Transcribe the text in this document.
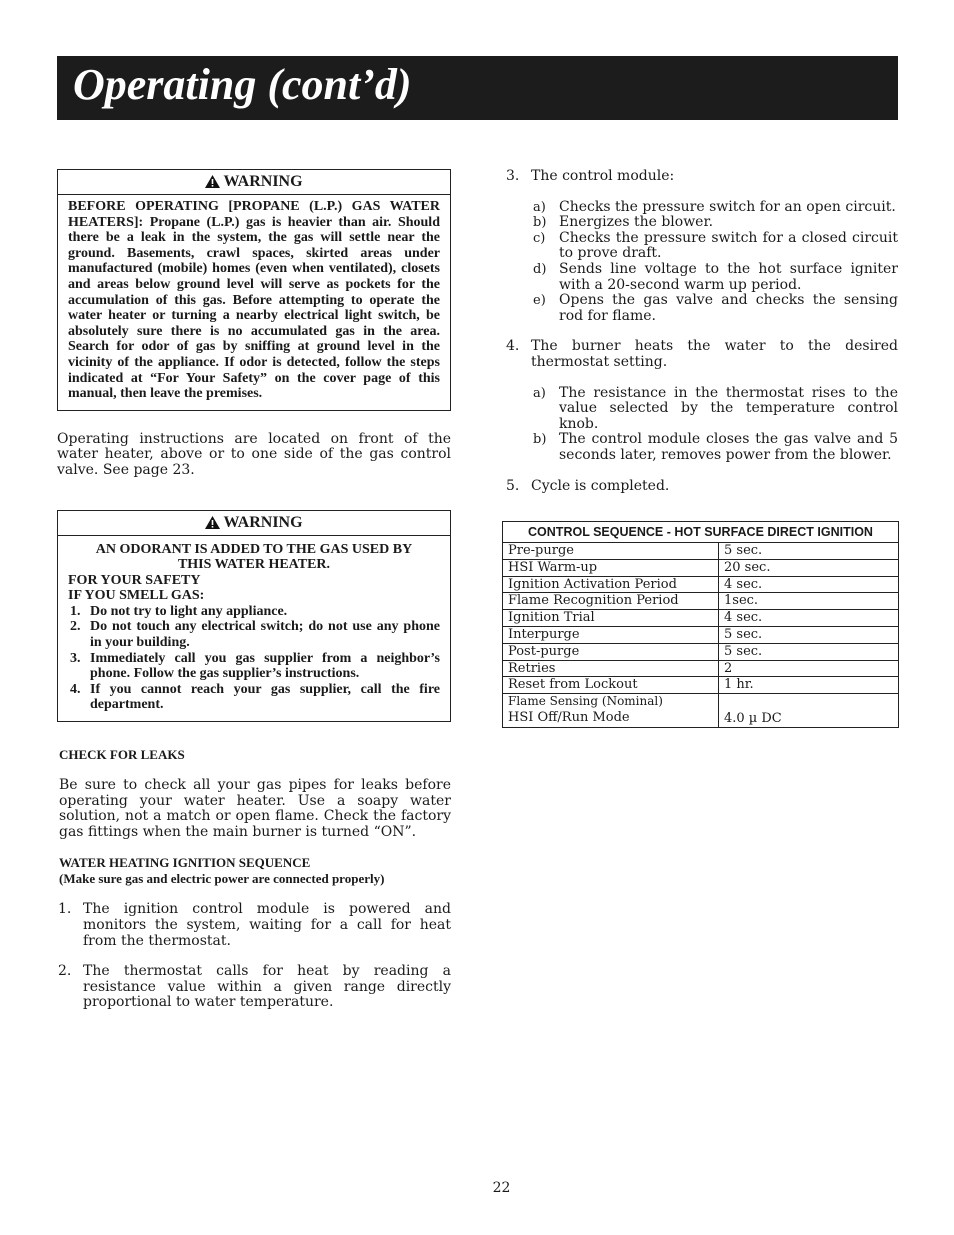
Operating (cont’d)
WARNING
BEFORE OPERATING [PROPANE (L.P.) GAS WATER HEATERS]: Propane (L.P.) gas is heavier than air. Should there be a leak in the system, the gas will settle near the ground. Basements, crawl spaces, skirted areas under manufactured (mobile) homes (even when ventilated), closets and areas below ground level will serve as pockets for the accumulation of this gas. Before attempting to operate the water heater or turning a nearby electrical light switch, be absolutely sure there is no accumulated gas in the area. Search for odor of gas by sniffing at ground level in the vicinity of the appliance. If odor is detected, follow the steps indicated at “For Your Safety” on the cover page of this manual, then leave the premises.

Operating instructions are located on front of the water heater, above or to one side of the gas control valve. See page 23.

WARNING
AN ODORANT IS ADDED TO THE GAS USED BY THIS WATER HEATER.
FOR YOUR SAFETY
IF YOU SMELL GAS:
1. Do not try to light any appliance.
2. Do not touch any electrical switch; do not use any phone in your building.
3. Immediately call you gas supplier from a neighbor’s phone. Follow the gas supplier’s instructions.
4. If you cannot reach your gas supplier, call the fire department.

CHECK FOR LEAKS

Be sure to check all your gas pipes for leaks before operating your water heater. Use a soapy water solution, not a match or open flame. Check the factory gas fittings when the main burner is turned “ON”.

WATER HEATING IGNITION SEQUENCE

(Make sure gas and electric power are connected properly)

1. The ignition control module is powered and monitors the system, waiting for a call for heat from the thermostat.
2. The thermostat calls for heat by reading a resistance value within a given range directly proportional to water temperature.
3. The control module:
a) Checks the pressure switch for an open circuit.
b) Energizes the blower.
c) Checks the pressure switch for a closed circuit to prove draft.
d) Sends line voltage to the hot surface igniter with a 20-second warm up period.
e) Opens the gas valve and checks the sensing rod for flame.
4. The burner heats the water to the desired thermostat setting.
a) The resistance in the thermostat rises to the value selected by the temperature control knob.
b) The control module closes the gas valve and 5 seconds later, removes power from the blower.
5. Cycle is completed.
CONTROL SEQUENCE - HOT SURFACE DIRECT IGNITION	
Pre-purge	5 sec.
HSI Warm-up	20 sec.
Ignition Activation Period	4 sec.
Flame Recognition Period	1sec.
Ignition Trial	4 sec.
Interpurge	5 sec.
Post-purge	5 sec.
Retries	2
Reset from Lockout	1 hr.

Flame Sensing (Nominal)
HSI Off/Run Mode	4.0 µ DC
22
